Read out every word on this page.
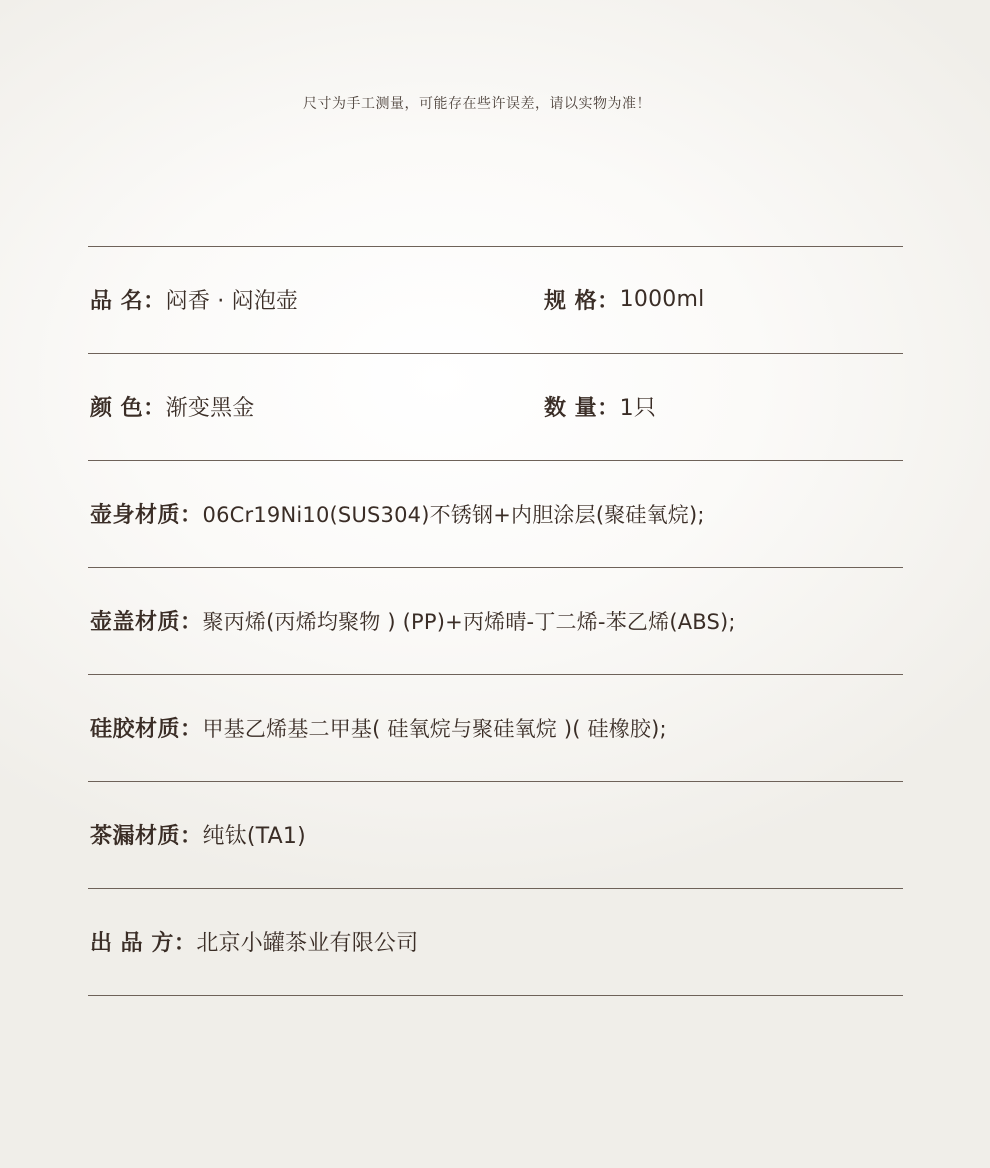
尺寸为手工测量，可能存在些许误差，请以实物为准！
品 名： 闷香 · 闷泡壶	规 格： 1000ml
颜 色： 渐变黑金	数 量： 1只
壶身材质： 06Cr19Ni10(SUS304)不锈钢+内胆涂层(聚硅氧烷);
壶盖材质： 聚丙烯(丙烯均聚物 ) (PP)+丙烯晴-丁二烯-苯乙烯(ABS);
硅胶材质： 甲基乙烯基二甲基( 硅氧烷与聚硅氧烷 )( 硅橡胶);
茶漏材质： 纯钛(TA1)
出 品 方： 北京小罐茶业有限公司
